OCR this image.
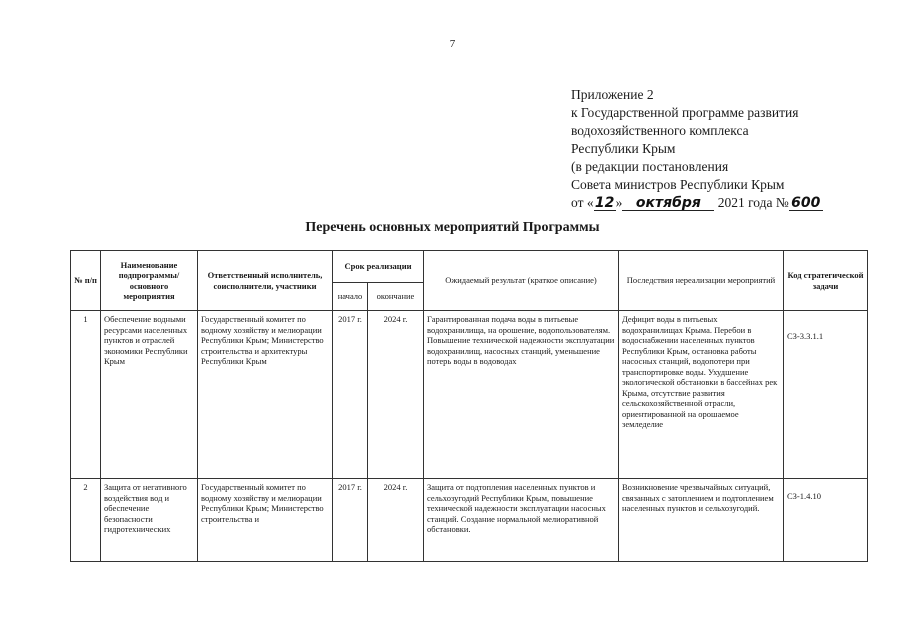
7
Приложение 2
к Государственной программе развития
водохозяйственного комплекса
Республики Крым
(в редакции постановления
Совета министров Республики Крым
от «12» октября 2021 года № 600
Перечень основных мероприятий Программы
№ п/п	Наименование подпрограммы/ основного мероприятия	Ответственный исполнитель, соисполнители, участники	Срок реализации		Ожидаемый результат (краткое описание)	Последствия нереализации мероприятий	Код стратегической задачи
			начало	окончание			
1	Обеспечение водными ресурсами населенных пунктов и отраслей экономики Республики Крым	Государственный комитет по водному хозяйству и мелиорации Республики Крым; Министерство строительства и архитектуры Республики Крым	2017 г.	2024 г.	Гарантированная подача воды в питьевые водохранилища, на орошение, водопользователям. Повышение технической надежности эксплуатации водохранилищ, насосных станций, уменьшение потерь воды в водоводах	Дефицит воды в питьевых водохранилищах Крыма. Перебои в водоснабжении населенных пунктов Республики Крым, остановка работы насосных станций, водопотери при транспортировке воды. Ухудшение экологической обстановки в бассейнах рек Крыма, отсутствие развития сельскохозяйственной отрасли, ориентированной на орошаемое земледелие	СЗ-3.3.1.1
2	Защита от негативного воздействия вод и обеспечение безопасности гидротехнических	Государственный комитет по водному хозяйству и мелиорации Республики Крым; Министерство строительства и	2017 г.	2024 г.	Защита от подтопления населенных пунктов и сельхозугодий Республики Крым, повышение технической надежности эксплуатации насосных станций. Создание нормальной мелиоративной обстановки.	Возникновение чрезвычайных ситуаций, связанных с затоплением и подтоплением населенных пунктов и сельхозугодий.	СЗ-1.4.10
